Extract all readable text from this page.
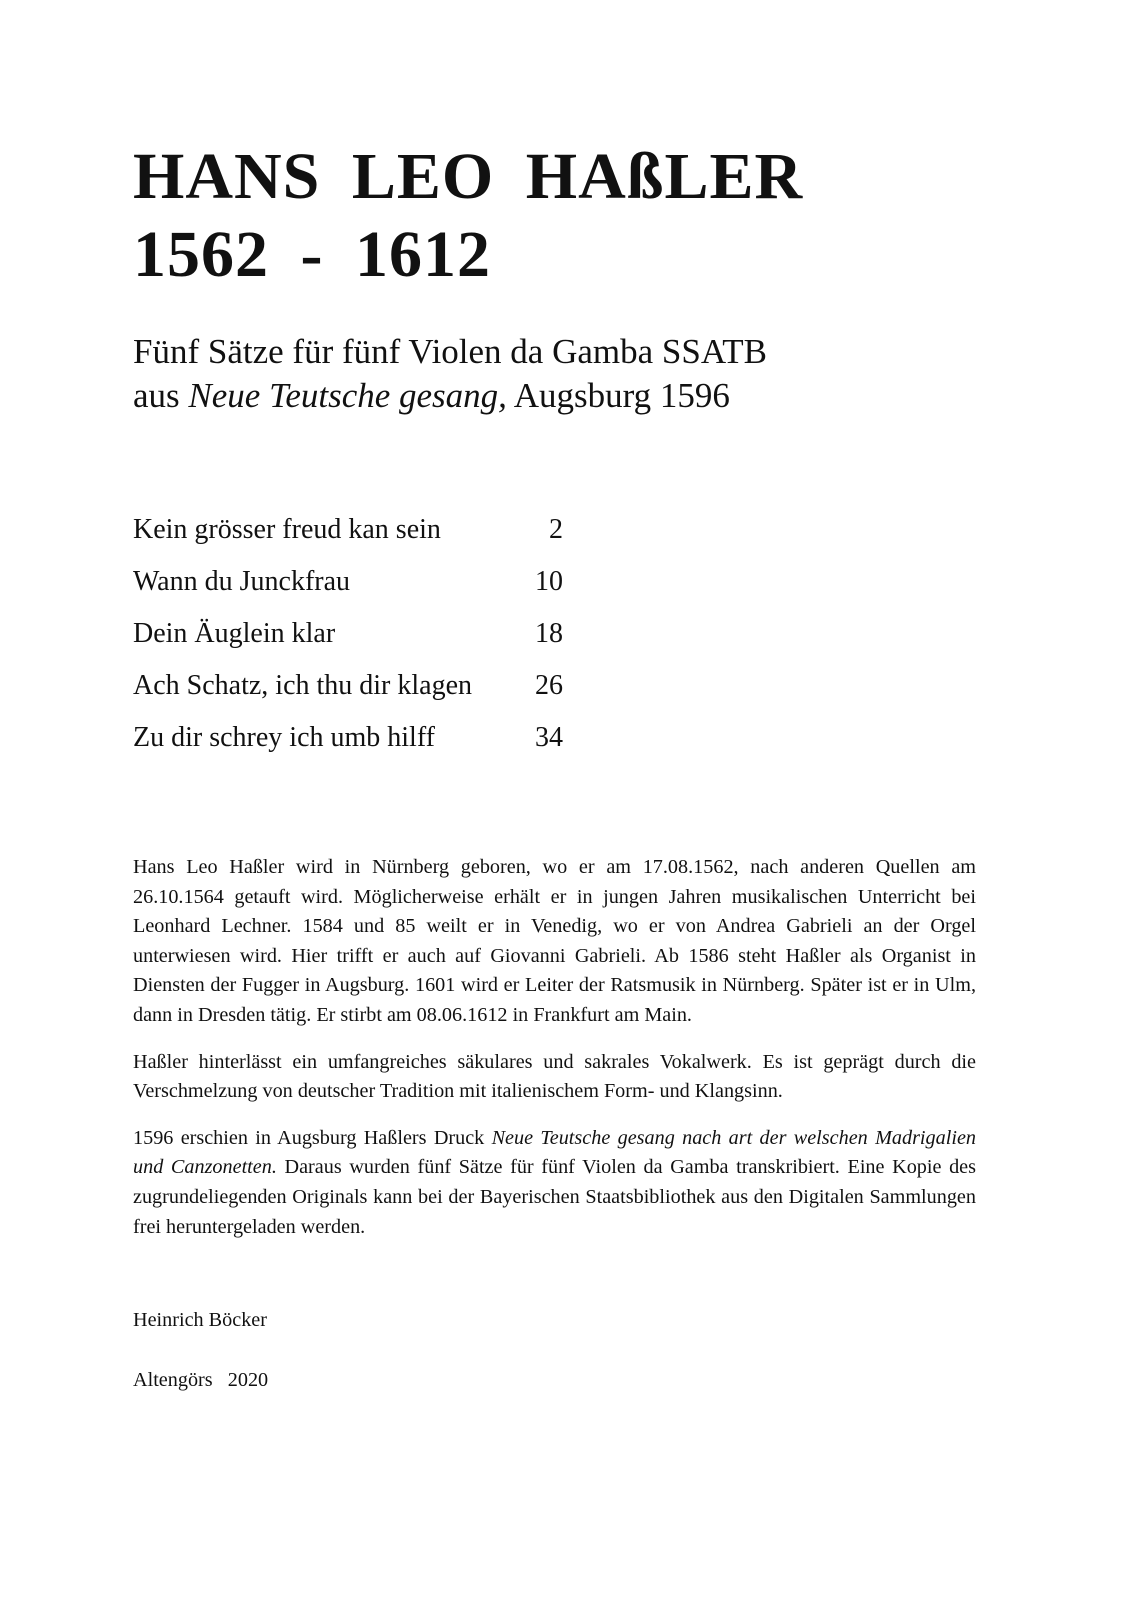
HANS LEO HAßLER
1562 - 1612
Fünf Sätze für fünf Violen da Gamba SSATB
aus Neue Teutsche gesang, Augsburg 1596
Kein grösser freud kan sein	2
Wann du Junckfrau	10
Dein Äuglein klar	18
Ach Schatz, ich thu dir klagen	26
Zu dir schrey ich umb hilff	34

Hans Leo Haßler wird in Nürnberg geboren, wo er am 17.08.1562, nach anderen Quellen am 26.10.1564 getauft wird. Möglicherweise erhält er in jungen Jahren musikalischen Unterricht bei Leonhard Lechner. 1584 und 85 weilt er in Venedig, wo er von Andrea Gabrieli an der Orgel unterwiesen wird. Hier trifft er auch auf Giovanni Gabrieli. Ab 1586 steht Haßler als Organist in Diensten der Fugger in Augsburg. 1601 wird er Leiter der Ratsmusik in Nürnberg. Später ist er in Ulm, dann in Dresden tätig. Er stirbt am 08.06.1612 in Frankfurt am Main.

Haßler hinterlässt ein umfangreiches säkulares und sakrales Vokalwerk. Es ist geprägt durch die Verschmelzung von deutscher Tradition mit italienischem Form- und Klangsinn.

1596 erschien in Augsburg Haßlers Druck Neue Teutsche gesang nach art der welschen Madrigalien und Canzonetten. Daraus wurden fünf Sätze für fünf Violen da Gamba transkribiert. Eine Kopie des zugrundeliegenden Originals kann bei der Bayerischen Staatsbibliothek aus den Digitalen Sammlungen frei heruntergeladen werden.

Heinrich Böcker
Altengörs   2020
